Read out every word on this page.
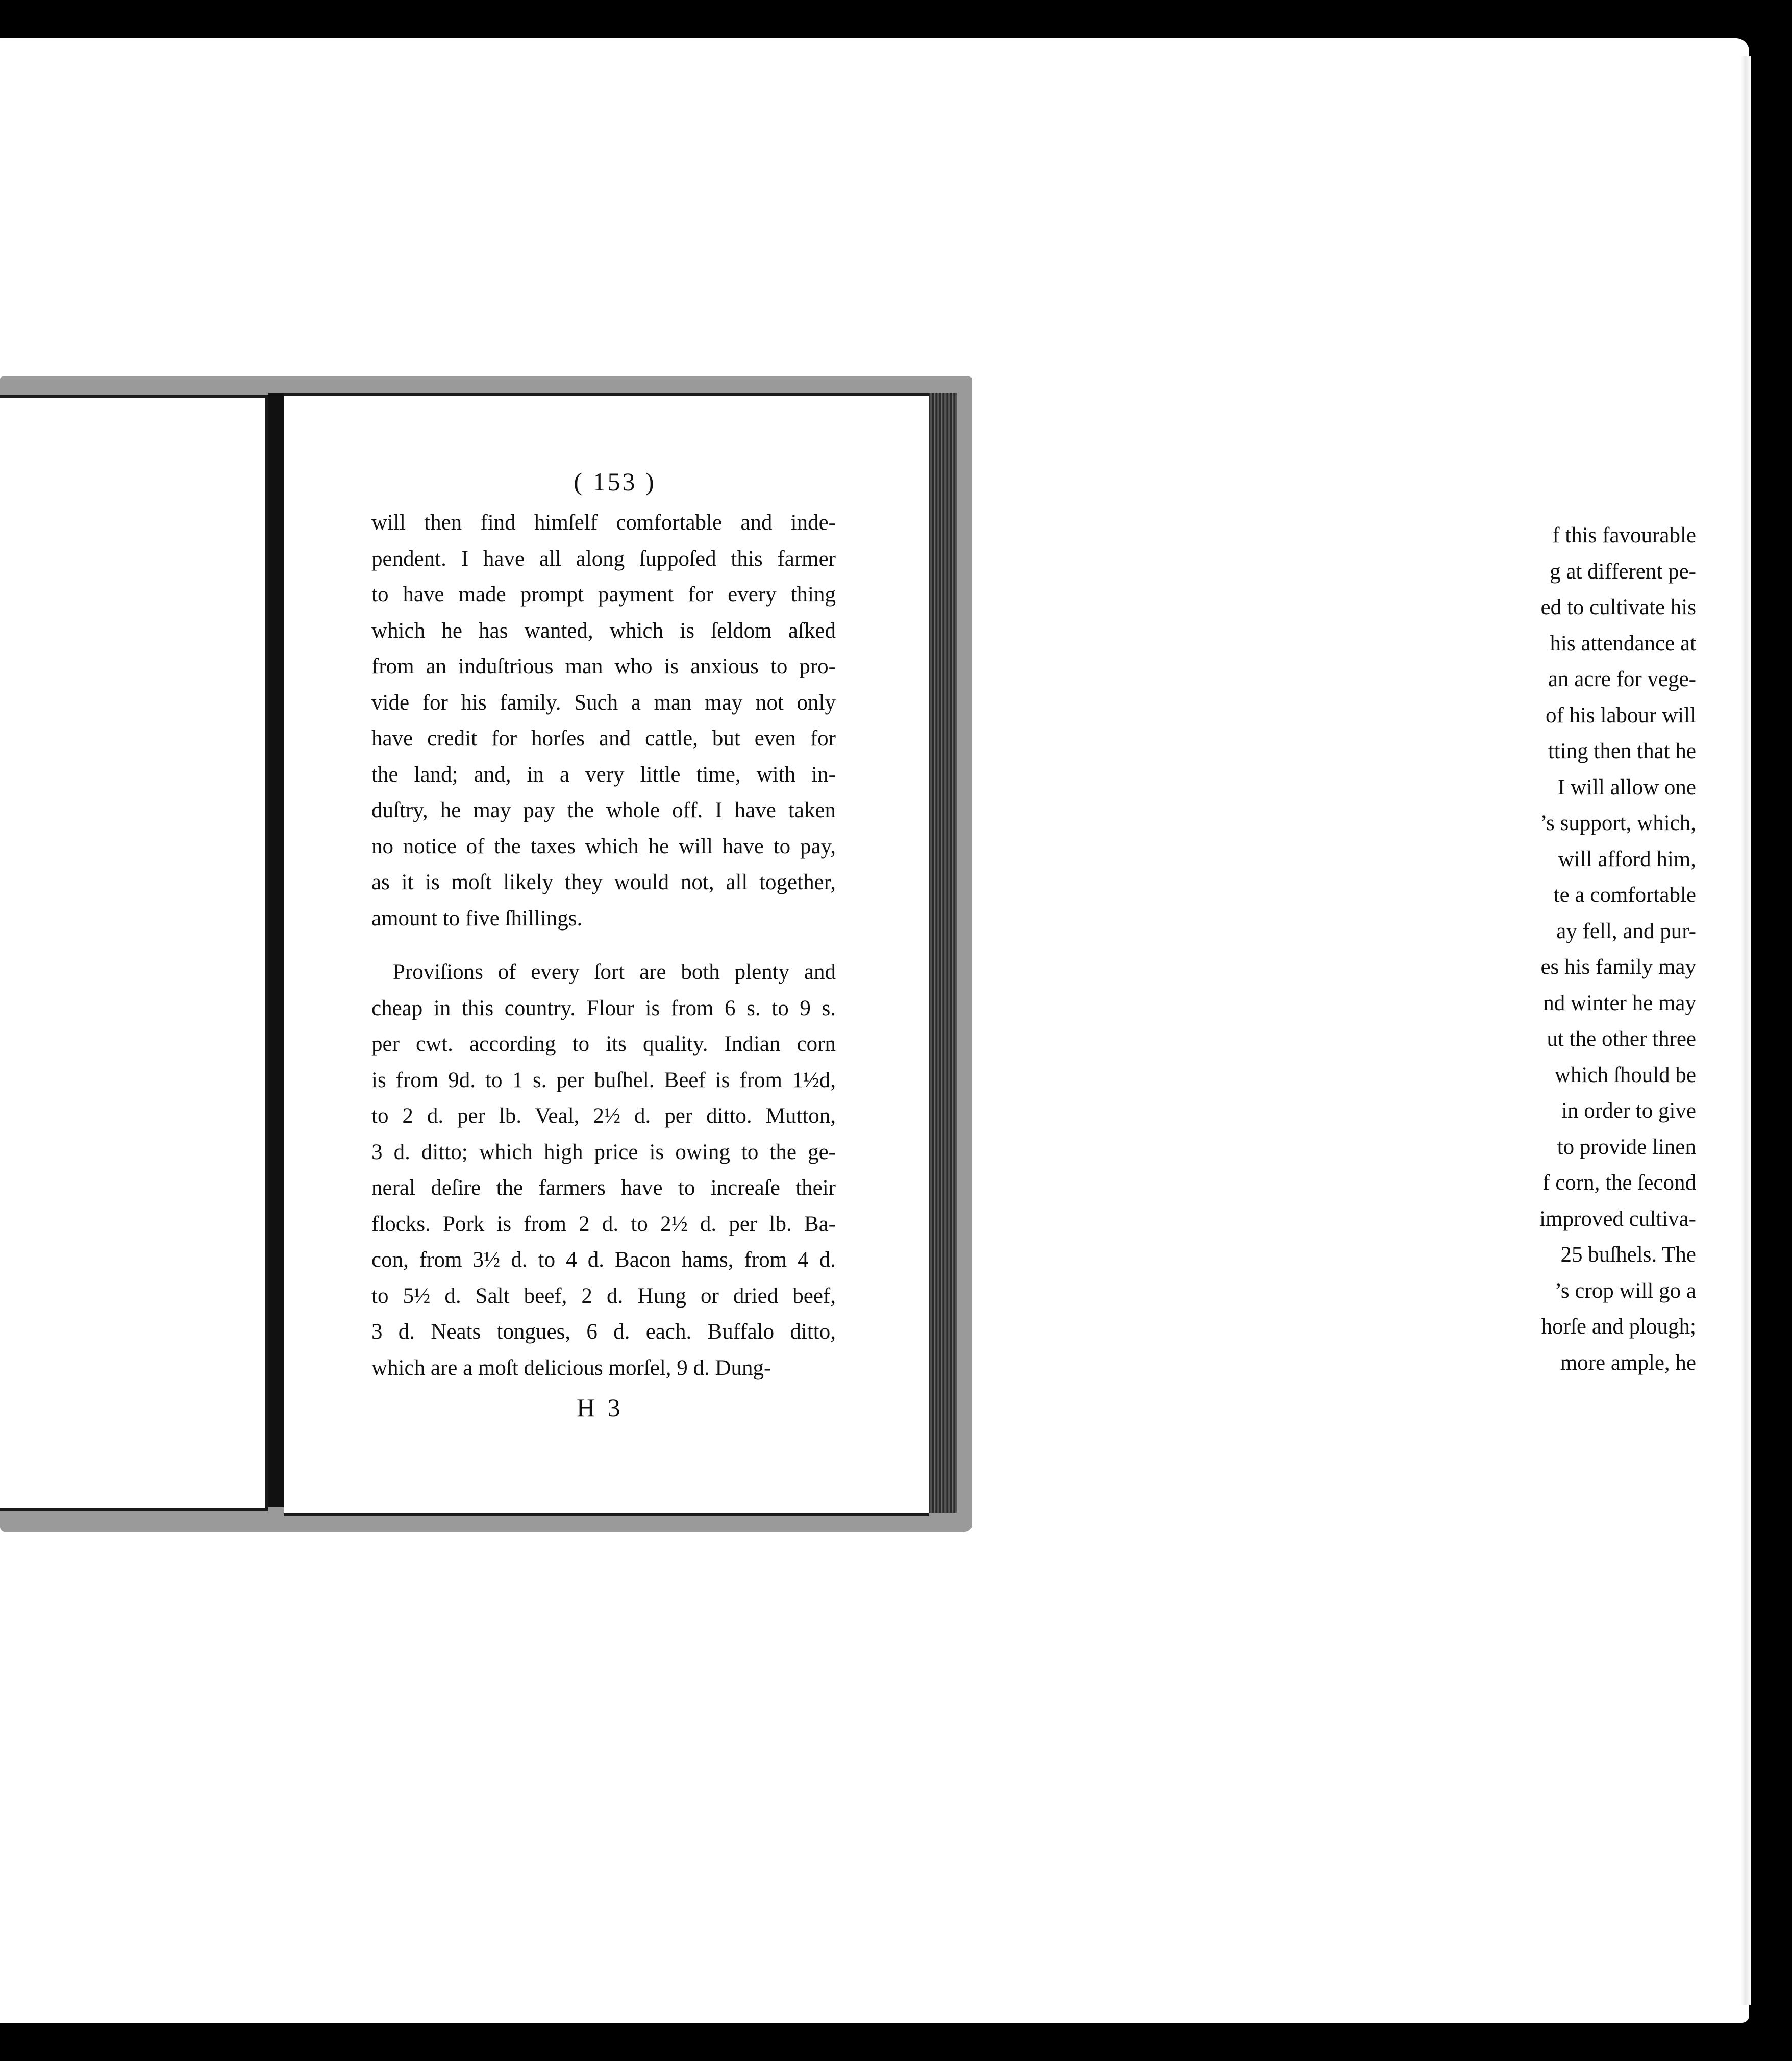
f this favourable
g at different pe-
ed to cultivate his
his attendance at
an acre for vege-
of his labour will
tting then that he
I will allow one
’s support, which,
will afford him,
te a comfortable
ay fell, and pur-
es his family may
nd winter he may
ut the other three
which ſhould be
in order to give
to provide linen
f corn, the ſecond
improved cultiva-
25 buſhels. The
’s crop will go a
horſe and plough;
more ample, he
( 153 )
will then find himſelf comfortable and inde-
pendent. I have all along ſuppoſed this farmer
to have made prompt payment for every thing
which he has wanted, which is ſeldom aſked
from an induſtrious man who is anxious to pro-
vide for his family. Such a man may not only
have credit for horſes and cattle, but even for
the land; and, in a very little time, with in-
duſtry, he may pay the whole off. I have taken
no notice of the taxes which he will have to pay,
as it is moſt likely they would not, all together,
amount to five ſhillings.
Proviſions of every ſort are both plenty and
cheap in this country. Flour is from 6 s. to 9 s.
per cwt. according to its quality. Indian corn
is from 9d. to 1 s. per buſhel. Beef is from 1½d,
to 2 d. per lb. Veal, 2½ d. per ditto. Mutton,
3 d. ditto; which high price is owing to the ge-
neral deſire the farmers have to increaſe their
flocks. Pork is from 2 d. to 2½ d. per lb. Ba-
con, from 3½ d. to 4 d. Bacon hams, from 4 d.
to 5½ d. Salt beef, 2 d. Hung or dried beef,
3 d. Neats tongues, 6 d. each. Buffalo ditto,
which are a moſt delicious morſel, 9 d. Dung-
H 3
